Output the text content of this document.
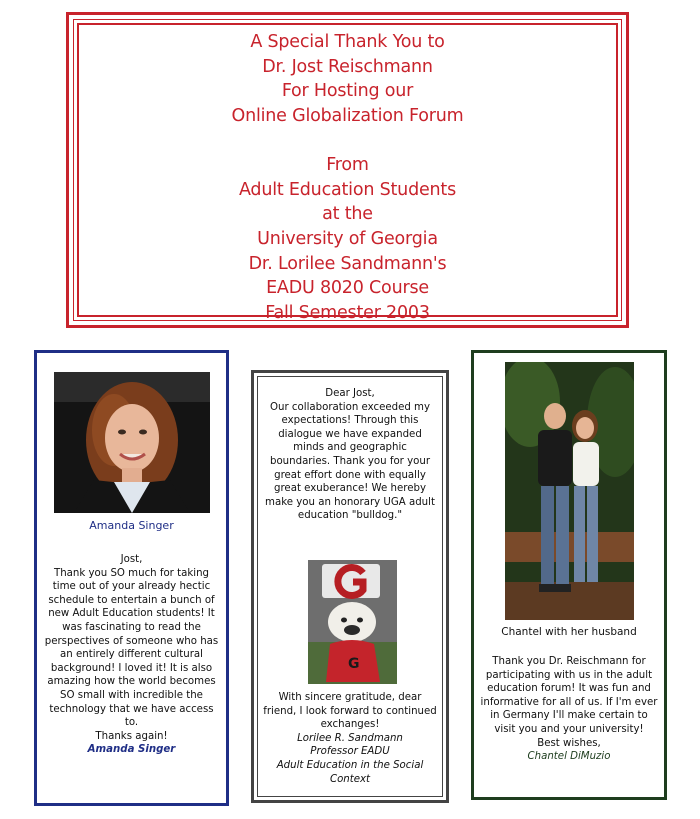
A Special Thank You to
Dr. Jost Reischmann
For Hosting our
Online Globalization Forum
From
Adult Education Students
at the
University of Georgia
Dr. Lorilee Sandmann's
EADU 8020 Course
Fall Semester 2003
Amanda Singer
Jost,
Thank you SO much for taking time out of your already hectic schedule to entertain a bunch of new Adult Education students! It was fascinating to read the perspectives of someone who has an entirely different cultural background! I loved it! It is also amazing how the world becomes SO small with incredible the technology that we have access to.
Thanks again!
Amanda Singer
Dear Jost,
Our collaboration exceeded my expectations! Through this dialogue we have expanded minds and geographic boundaries. Thank you for your great effort done with equally great exuberance! We hereby make you an honorary UGA adult education "bulldog."
G
With sincere gratitude, dear friend, I look forward to continued exchanges!
Lorilee R. Sandmann
Professor EADU
Adult Education in the Social Context
Chantel with her husband
Thank you Dr. Reischmann for participating with us in the adult education forum! It was fun and informative for all of us. If I'm ever in Germany I'll make certain to visit you and your university!
Best wishes,
Chantel DiMuzio
